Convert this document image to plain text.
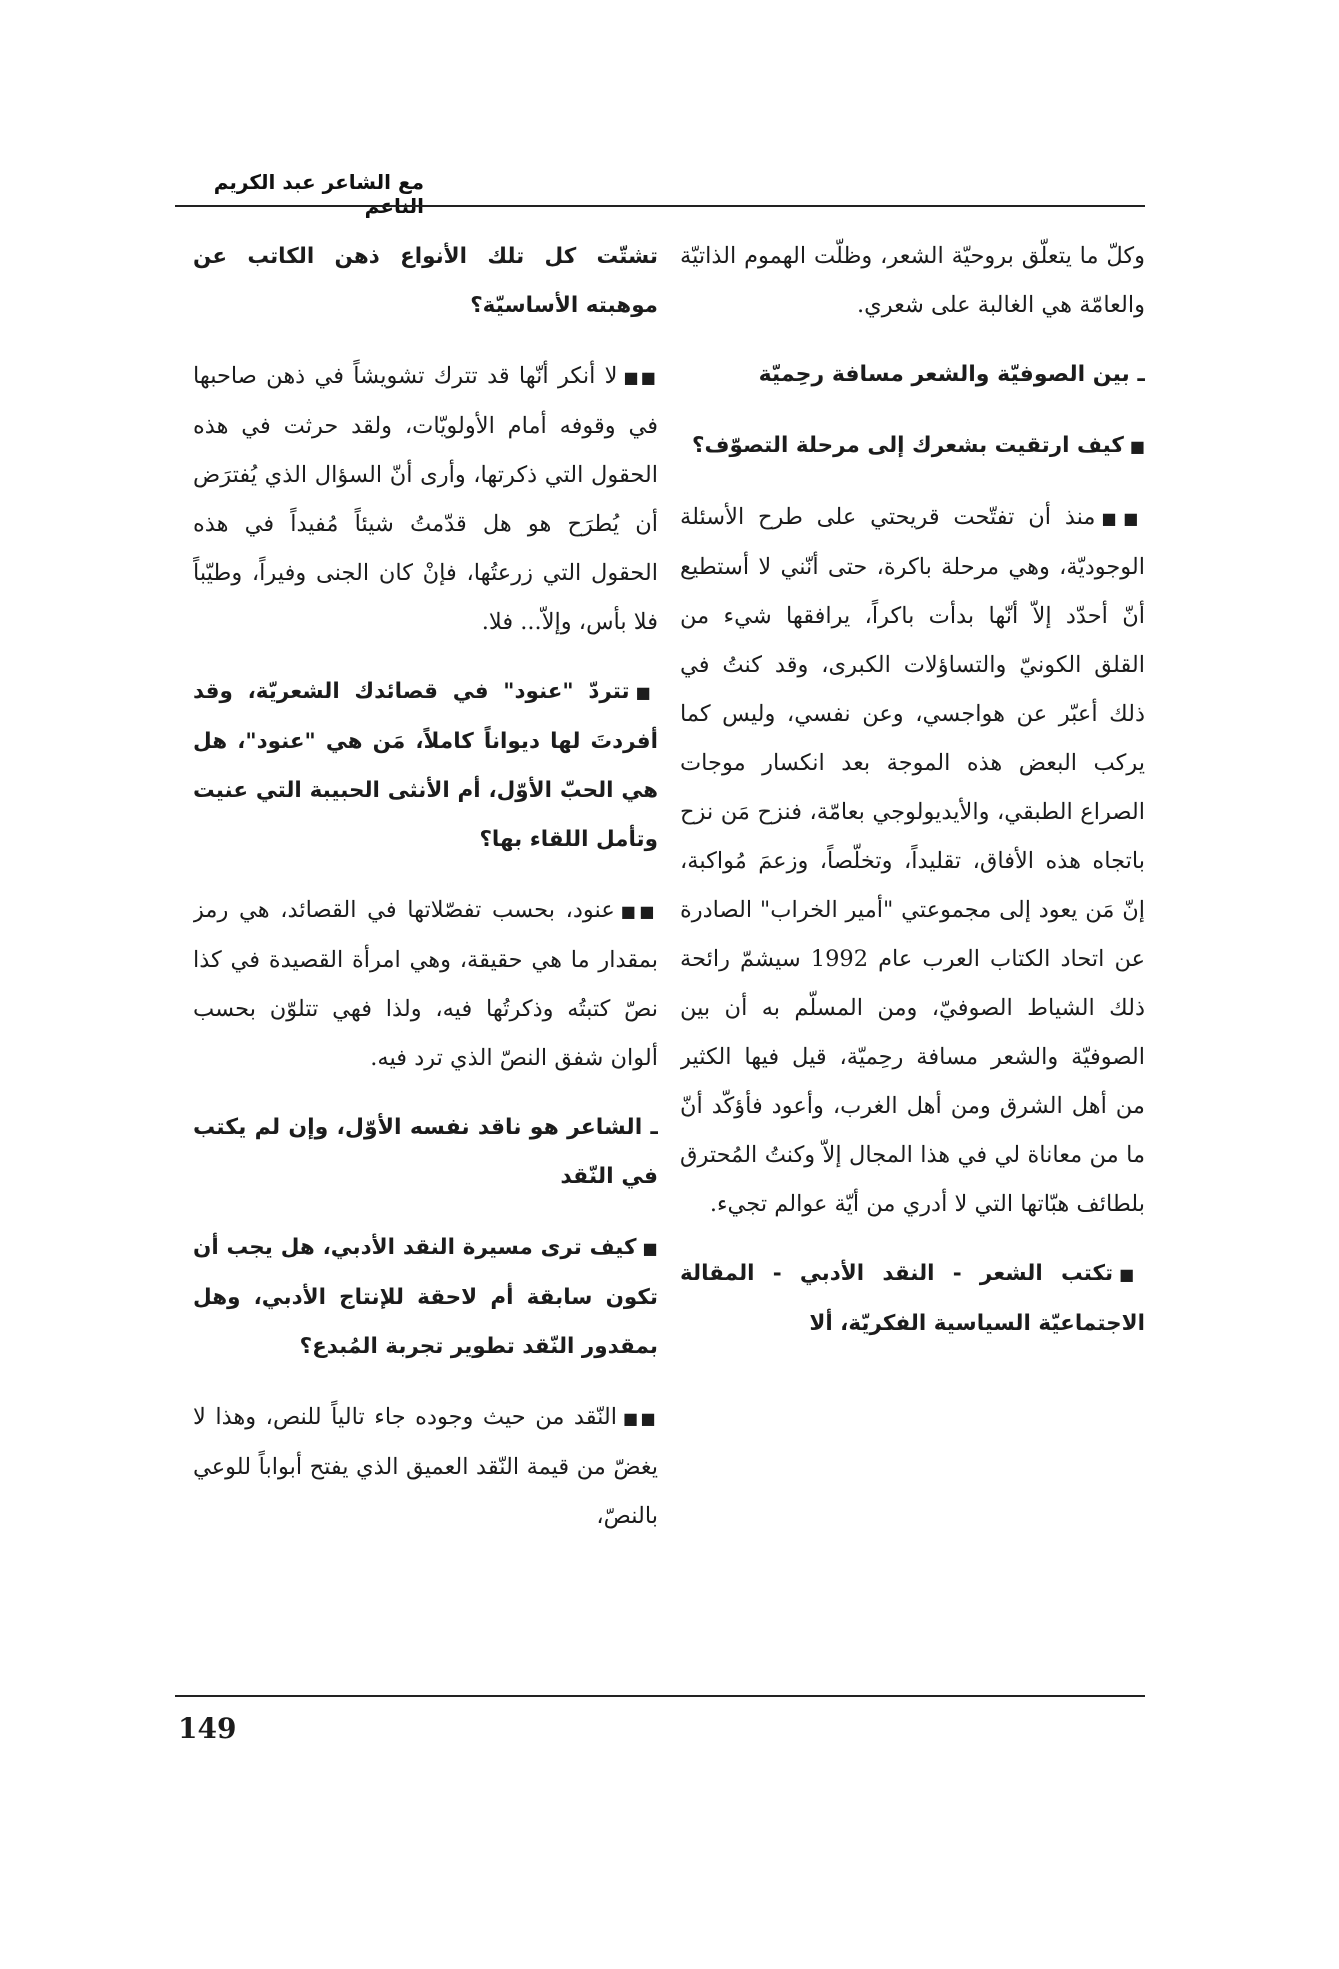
مع الشاعر عبد الكريم الناعم

وكلّ ما يتعلّق بروحيّة الشعر، وظلّت الهموم الذاتيّة والعامّة هي الغالبة على شعري.

ـ بين الصوفيّة والشعر مسافة رحِميّة

■كيف ارتقيت بشعرك إلى مرحلة التصوّف؟

■■منذ أن تفتّحت قريحتي على طرح الأسئلة الوجوديّة، وهي مرحلة باكرة، حتى أنّني لا أستطيع أنّ أحدّد إلاّ أنّها بدأت باكراً، يرافقها شيء من القلق الكونيّ والتساؤلات الكبرى، وقد كنتُ في ذلك أعبّر عن هواجسي، وعن نفسي، وليس كما يركب البعض هذه الموجة بعد انكسار موجات الصراع الطبقي، والأيديولوجي بعامّة، فنزح مَن نزح باتجاه هذه الأفاق، تقليداً، وتخلّصاً، وزعمَ مُواكبة، إنّ مَن يعود إلى مجموعتي "أمير الخراب" الصادرة عن اتحاد الكتاب العرب عام 1992 سيشمّ رائحة ذلك الشياط الصوفيّ، ومن المسلّم به أن بين الصوفيّة والشعر مسافة رحِميّة، قيل فيها الكثير من أهل الشرق ومن أهل الغرب، وأعود فأؤكّد أنّ ما من معاناة لي في هذا المجال إلاّ وكنتُ المُحترق بلطائف هبّاتها التي لا أدري من أيّة عوالم تجيء.

■تكتب الشعر - النقد الأدبي - المقالة الاجتماعيّة السياسية الفكريّة، ألا

تشتّت كل تلك الأنواع ذهن الكاتب عن موهبته الأساسيّة؟

■■لا أنكر أنّها قد تترك تشويشاً في ذهن صاحبها في وقوفه أمام الأولويّات، ولقد حرثت في هذه الحقول التي ذكرتها، وأرى أنّ السؤال الذي يُفترَض أن يُطرَح هو هل قدّمتُ شيئاً مُفيداً في هذه الحقول التي زرعتُها، فإنْ كان الجنى وفيراً، وطيّباً فلا بأس، وإلاّ... فلا.

■تتردّ "عنود" في قصائدك الشعريّة، وقد أفردتَ لها ديواناً كاملاً، مَن هي "عنود"، هل هي الحبّ الأوّل، أم الأنثى الحبيبة التي عنيت وتأمل اللقاء بها؟

■■عنود، بحسب تفصّلاتها في القصائد، هي رمز بمقدار ما هي حقيقة، وهي امرأة القصيدة في كذا نصّ كتبتُه وذكرتُها فيه، ولذا فهي تتلوّن بحسب ألوان شفق النصّ الذي ترد فيه.

ـ الشاعر هو ناقد نفسه الأوّل، وإن لم يكتب في النّقد

■كيف ترى مسيرة النقد الأدبي، هل يجب أن تكون سابقة أم لاحقة للإنتاج الأدبي، وهل بمقدور النّقد تطوير تجربة المُبدع؟

■■النّقد من حيث وجوده جاء تالياً للنص، وهذا لا يغضّ من قيمة النّقد العميق الذي يفتح أبواباً للوعي بالنصّ،

149
